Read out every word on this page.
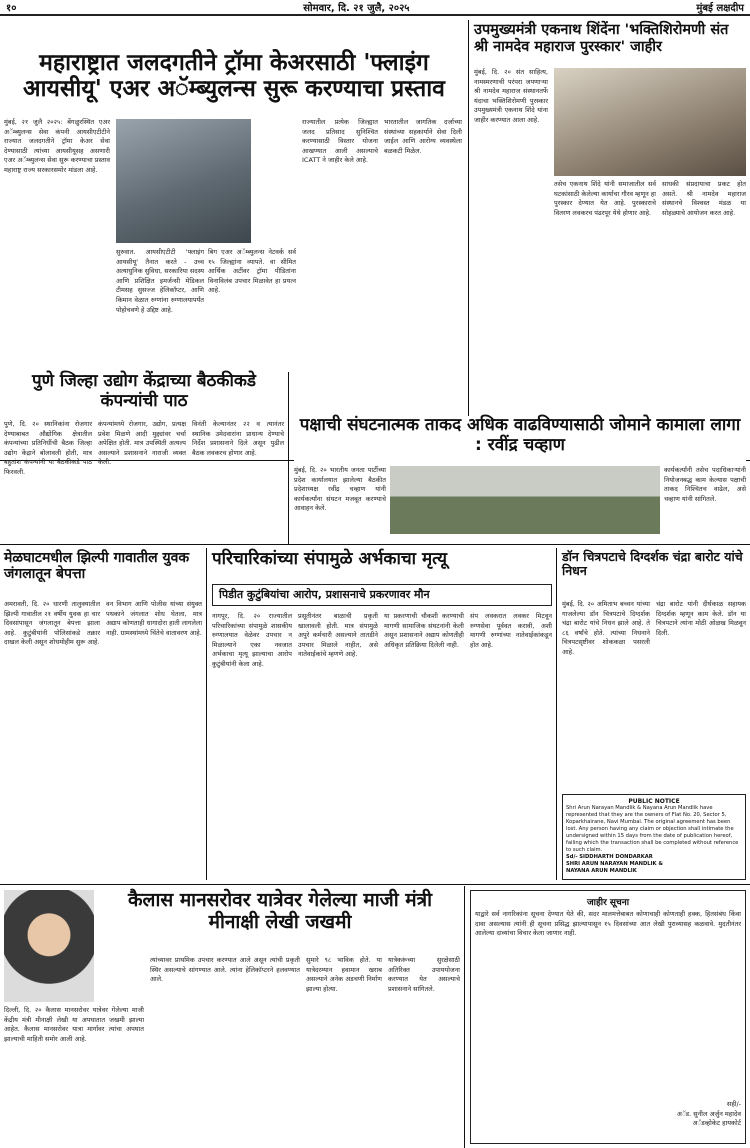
१०	सोमवार, दि. २१ जुलै, २०२५	मुंबई लक्षदीप
महाराष्ट्रात जलदगतीने ट्रॉमा केअरसाठी 'फ्लाइंग आयसीयू' एअर अॅम्ब्युलन्स सुरू करण्याचा प्रस्ताव
मुंबई, २१ जुलै २०२५: बेंगळुरस्थित एअर अॅम्ब्युलन्स सेवा कंपनी आयसीएटीटीने राज्यात जलदगतीने ट्रॉमा केअर सेवा देण्यासाठी त्यांच्या आयसीयूसह असणारी एअर अॅम्ब्युलन्स सेवा सुरू करण्याचा प्रस्ताव महाराष्ट्र राज्य सरकारसमोर मांडला आहे.
सुरुवात. आयसीएटीटी 'फ्लाइंग आयसीयू' तैनात करते - उच्च अत्याधुनिक सुविधा, सरकारिया सदस्य आणि प्रशिक्षित इमर्जन्सी मेडिकल टीमसह सुसज्ज हेलिकॉप्टर, आणि किमान वेळात रुग्णांना रुग्णालयापर्यंत पोहोचवणे हे उद्दिष्ट आहे.
बिग एअर अॅम्ब्युलन्स नेटवर्क सर्व १५ जिल्ह्यांना व्यापते. वा सीमित आर्थिक अटींवर ट्रॉमा पीडितांना विनाविलंब उपचार मिळावेत हा प्रयत्न आहे.
राज्यातील प्रत्येक जिल्ह्यात जलद प्रतिसाद सुनिश्चित करण्यासाठी विस्तार योजना आखण्यात आली असल्याचे ICATT ने जाहीर केले आहे.
भारतातील जागतिक दर्जाच्या संस्थांच्या सहकार्याने सेवा दिली जाईल आणि आरोग्य व्यवस्थेला बळकटी मिळेल.
उपमुख्यमंत्री एकनाथ शिंदेंना 'भक्तिशिरोमणी संत श्री नामदेव महाराज पुरस्कार' जाहीर
मुंबई, दि. २० संत साहित्य, नामस्मरणाची परंपरा जपणाऱ्या श्री नामदेव महाराज संस्थानतर्फे यंदाचा भक्तिशिरोमणी पुरस्कार उपमुख्यमंत्री एकनाथ शिंदे यांना जाहीर करण्यात आला आहे.
तसेच एकनाथ शिंदे यांनी समाजातील सर्व घटकांसाठी केलेल्या कार्याचा गौरव म्हणून हा पुरस्कार देण्यात येत आहे. पुरस्काराचे वितरण लवकरच पंढरपूर येथे होणार आहे.
साधकी संप्रदायाचा प्रकट होत असते. श्री नामदेव महाराज संस्थानचे विश्वस्त मंडळ या सोहळ्याचे आयोजन करत आहे.
पुणे जिल्हा उद्योग केंद्राच्या बैठकीकडे कंपन्यांची पाठ
पुणे, दि. २० स्थानिकांना रोजगार देण्याबाबत औद्योगिक क्षेत्रातील कंपन्यांच्या प्रतिनिधींची बैठक जिल्हा उद्योग केंद्राने बोलावली होती, मात्र बहुतांश कंपन्यांनी या बैठकीकडे पाठ फिरवली.
कंपन्यांमध्ये रोजगार, उद्योग, प्रत्यक्ष प्रवेश मिळणे आदी मुद्द्यांवर चर्चा अपेक्षित होती. मात्र उपस्थिती अत्यल्प असल्याने प्रशासनाने नाराजी व्यक्त केली.
विनंती केल्यानंतर २२ व त्यानंतर स्थानिक उमेदवारांना प्राधान्य देण्याचे निर्देश प्रशासनाने दिले असून पुढील बैठक लवकरच होणार आहे.
पक्षाची संघटनात्मक ताकद अधिक वाढविण्यासाठी जोमाने कामाला लागा : रवींद्र चव्हाण
मुंबई, दि. २० भारतीय जनता पार्टीच्या प्रदेश कार्यालयात झालेल्या बैठकीत प्रदेशाध्यक्ष रवींद्र चव्हाण यांनी कार्यकर्त्यांना संघटन मजबूत करण्याचे आवाहन केले.
कार्यकर्त्यांनी तसेच पदाधिकाऱ्यांनी नियोजनबद्ध काम केल्यास पक्षाची ताकद निश्चितच वाढेल, असे चव्हाण यांनी सांगितले.
मेळघाटमधील झिल्पी गावातील युवक जंगलातून बेपत्ता
अमरावती, दि. २० धारणी तालुक्यातील झिल्पी गावातील २१ वर्षीय युवक हा चार दिवसांपासून जंगलातून बेपत्ता झाला आहे. कुटुंबीयांनी पोलिसांकडे तक्रार दाखल केली असून शोधमोहीम सुरू आहे.
वन विभाग आणि पोलीस यांच्या संयुक्त पथकाने जंगलात शोध घेतला, मात्र अद्याप कोणताही धागादोरा हाती लागलेला नाही. ग्रामस्थांमध्ये चिंतेचे वातावरण आहे.
परिचारिकांच्या संपामुळे अर्भकाचा मृत्यू
पिडीत कुटुंबियांचा आरोप, प्रशासनाचे प्रकरणावर मौन
नागपूर, दि. २० राज्यातील परिचारिकांच्या संपामुळे शासकीय रुग्णालयात वेळेवर उपचार न मिळाल्याने एका नवजात अर्भकाचा मृत्यू झाल्याचा आरोप कुटुंबीयांनी केला आहे.
प्रसूतीनंतर बाळाची प्रकृती खालावली होती. मात्र संपामुळे अपुरे कर्मचारी असल्याने तातडीने उपचार मिळाले नाहीत, असे नातेवाईकांचे म्हणणे आहे.
या प्रकरणाची चौकशी करण्याची मागणी सामाजिक संघटनांनी केली असून प्रशासनाने अद्याप कोणतीही अधिकृत प्रतिक्रिया दिलेली नाही.
संप लवकरात लवकर मिटवून रुग्णसेवा पूर्ववत करावी, अशी मागणी रुग्णांच्या नातेवाईकांकडून होत आहे.
डॉन चित्रपटाचे दिग्दर्शक चंद्रा बारोट यांचे निधन
मुंबई, दि. २० अमिताभ बच्चन यांच्या गाजलेल्या डॉन चित्रपटाचे दिग्दर्शक चंद्रा बारोट यांचे निधन झाले आहे. ते ८६ वर्षांचे होते. त्यांच्या निधनाने चित्रपटसृष्टीवर शोककळा पसरली आहे.
चंद्रा बारोट यांनी दीर्घकाळ सहायक दिग्दर्शक म्हणून काम केले. डॉन या चित्रपटाने त्यांना मोठी ओळख मिळवून दिली.
PUBLIC NOTICE
Shri Arun Narayan Mandlik & Nayana Arun Mandlik have represented that they are the owners of Flat No. 20, Sector 5, Koparkhairane, Navi Mumbai. The original agreement has been lost. Any person having any claim or objection shall intimate the undersigned within 15 days from the date of publication hereof, failing which the transaction shall be completed without reference to such claim.
Sd/- SIDDHARTH DONDARKAR
SHRI ARUN NARAYAN MANDLIK &
NAYANA ARUN MANDLIK
कैलास मानसरोवर यात्रेवर गेलेल्या माजी मंत्री मीनाक्षी लेखी जखमी
दिल्ली, दि. २० कैलास मानसरोवर यात्रेवर गेलेल्या माजी केंद्रीय मंत्री मीनाक्षी लेखी या अपघातात जखमी झाल्या आहेत. कैलास मानसरोवर यात्रा मार्गावर त्यांचा अपघात झाल्याची माहिती समोर आली आहे.
त्यांच्यावर प्राथमिक उपचार करण्यात आले असून त्यांची प्रकृती स्थिर असल्याचे सांगण्यात आले. त्यांना हेलिकॉप्टरने हलवण्यात आले.
सुमारे ९८ भाविक होते. या यात्रेदरम्यान हवामान खराब असल्याने अनेक अडचणी निर्माण झाल्या होत्या.
यात्रेकरूंच्या सुरक्षेसाठी अतिरिक्त उपाययोजना करण्यात येत असल्याचे प्रशासनाने सांगितले.
जाहीर सूचना
याद्वारे सर्व नागरिकांना सूचना देण्यात येते की, सदर मालमत्तेबाबत कोणाचाही कोणताही हक्क, हितसंबंध किंवा दावा असल्यास त्यांनी ही सूचना प्रसिद्ध झाल्यापासून १५ दिवसांच्या आत लेखी पुराव्यासह कळवावे. मुदतीनंतर आलेल्या दाव्यांचा विचार केला जाणार नाही.
सही/-
अॅड. सुनील अर्जुन महादेव
अॅडव्होकेट हायकोर्ट
